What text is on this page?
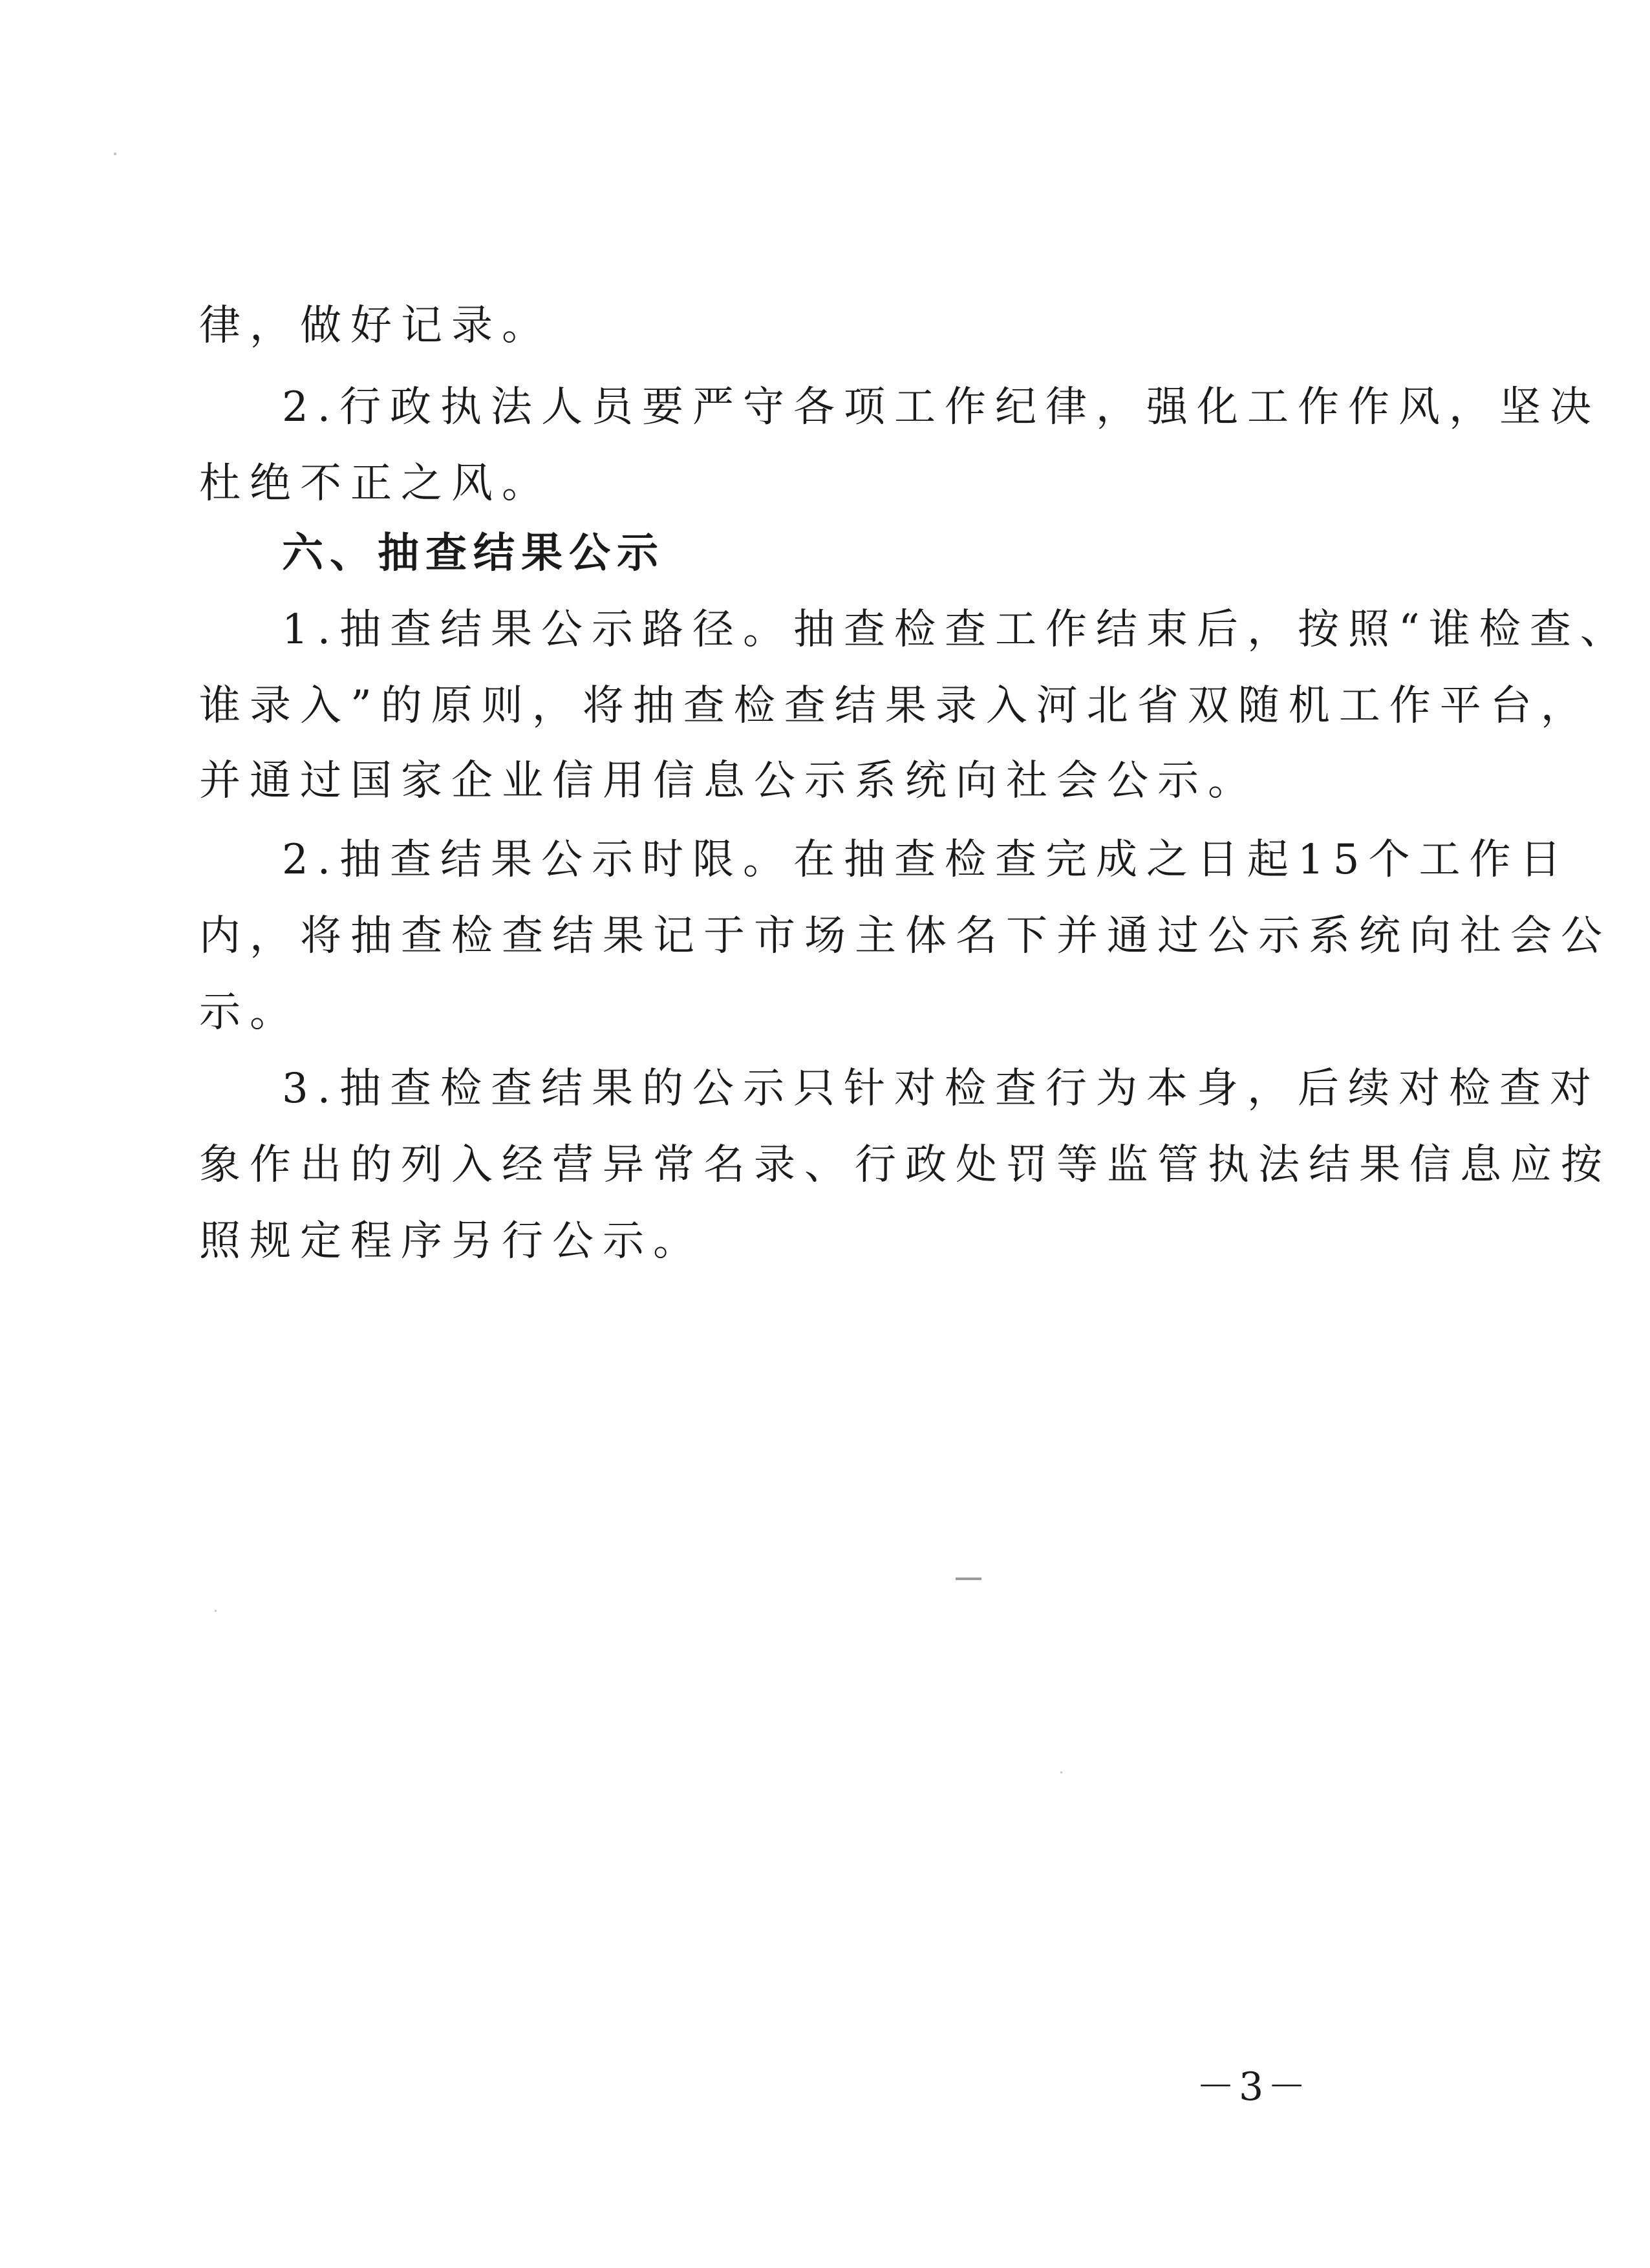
律，做好记录。

2.行政执法人员要严守各项工作纪律，强化工作作风，坚决

杜绝不正之风。

六、抽查结果公示

1.抽查结果公示路径。抽查检查工作结束后，按照“谁检查、

谁录入”的原则，将抽查检查结果录入河北省双随机工作平台，

并通过国家企业信用信息公示系统向社会公示。

2.抽查结果公示时限。在抽查检查完成之日起15个工作日

内，将抽查检查结果记于市场主体名下并通过公示系统向社会公

示。

3.抽查检查结果的公示只针对检查行为本身，后续对检查对

象作出的列入经营异常名录、行政处罚等监管执法结果信息应按

照规定程序另行公示。

－3－
